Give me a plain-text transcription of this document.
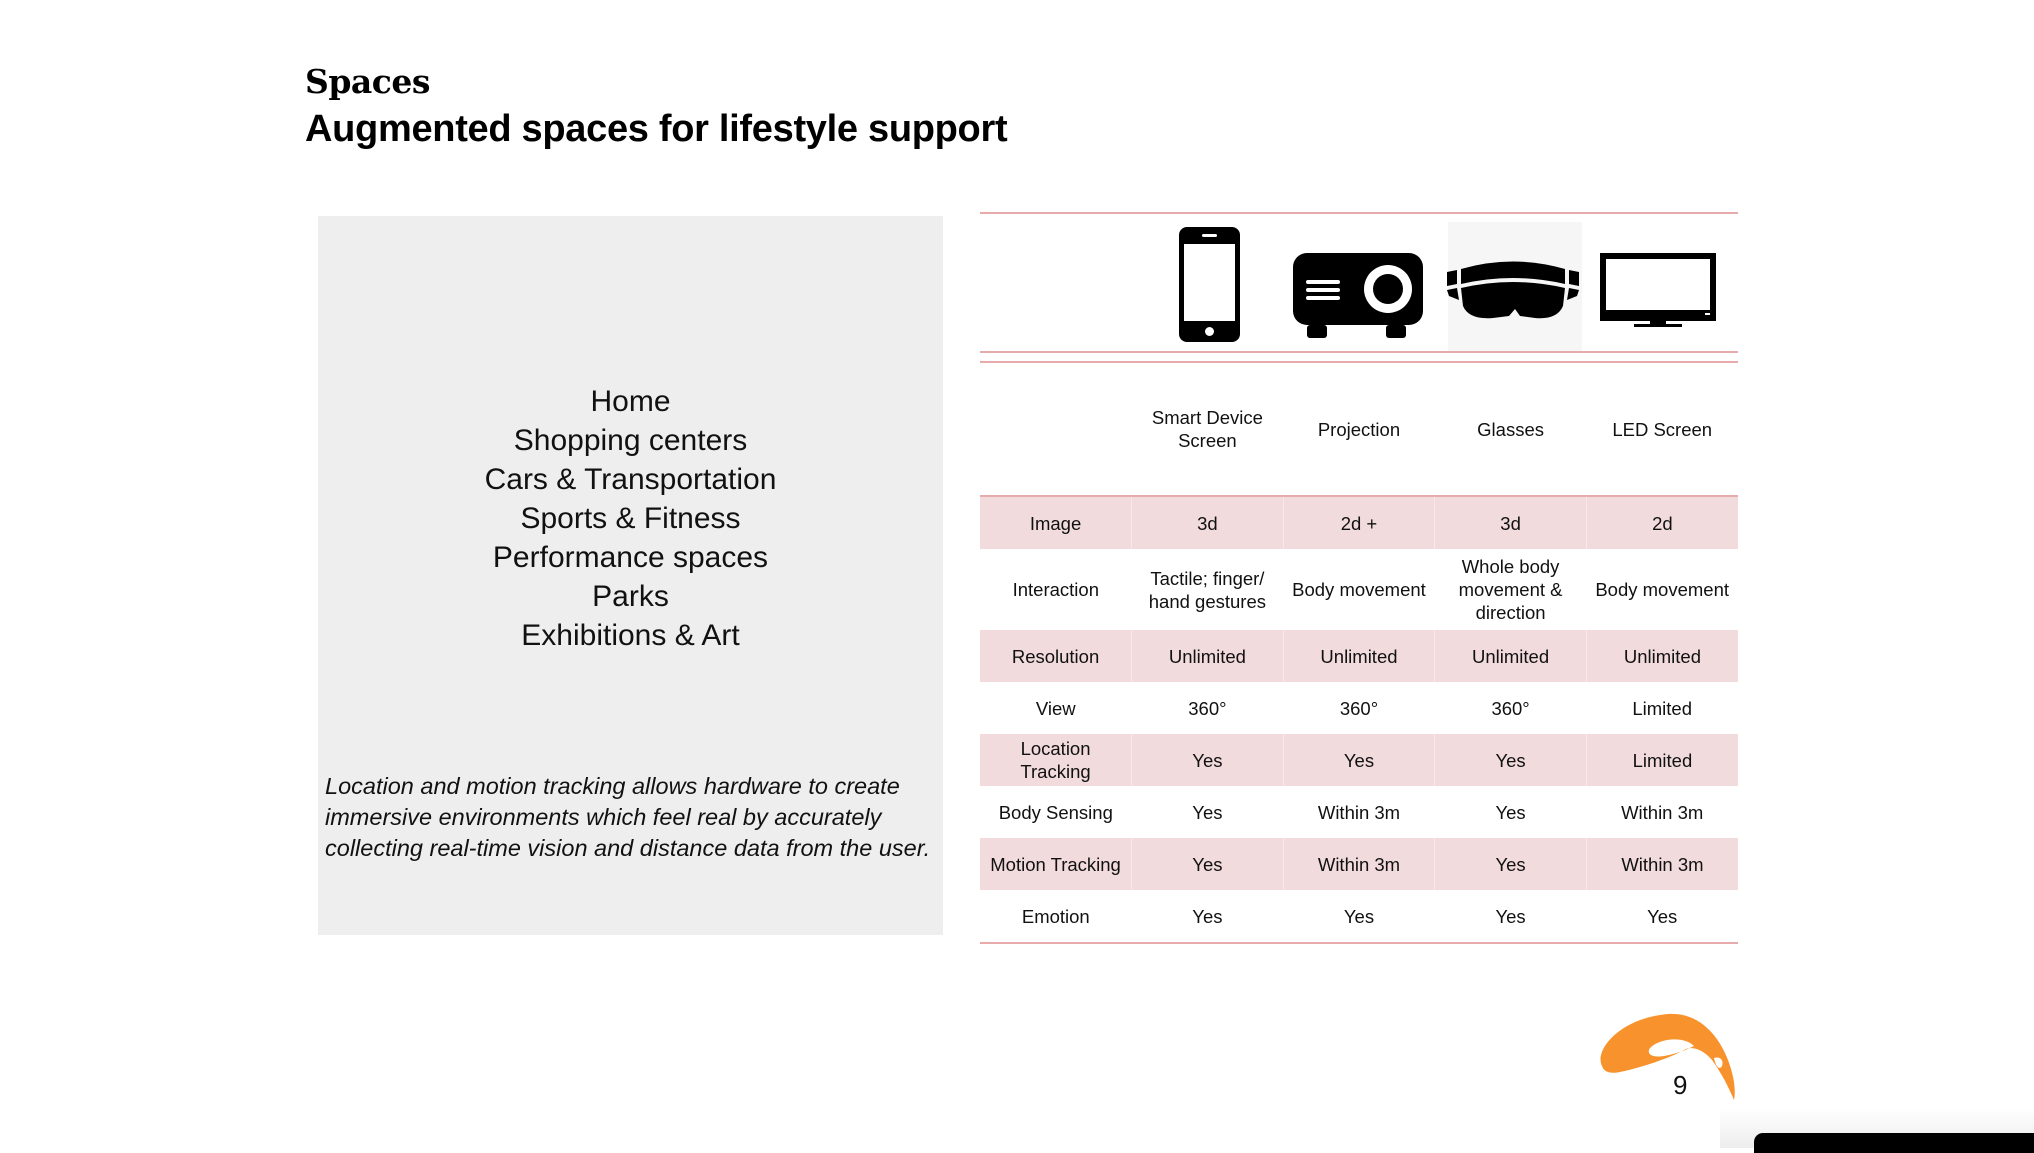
Spaces
Augmented spaces for lifestyle support
Home
Shopping centers
Cars & Transportation
Sports & Fitness
Performance spaces
Parks
Exhibitions & Art

Location and motion tracking allows hardware to create immersive environments which feel real by accurately collecting real-time vision and distance data from the user.

	Smart Device Screen	Projection	Glasses	LED Screen

Image	3d	2d +	3d	2d
Interaction	Tactile; finger/ hand gestures	Body movement	Whole body movement & direction	Body movement
Resolution	Unlimited	Unlimited	Unlimited	Unlimited
View	360°	360°	360°	Limited
Location Tracking	Yes	Yes	Yes	Limited
Body Sensing	Yes	Within 3m	Yes	Within 3m
Motion Tracking	Yes	Within 3m	Yes	Within 3m
Emotion	Yes	Yes	Yes	Yes
9
